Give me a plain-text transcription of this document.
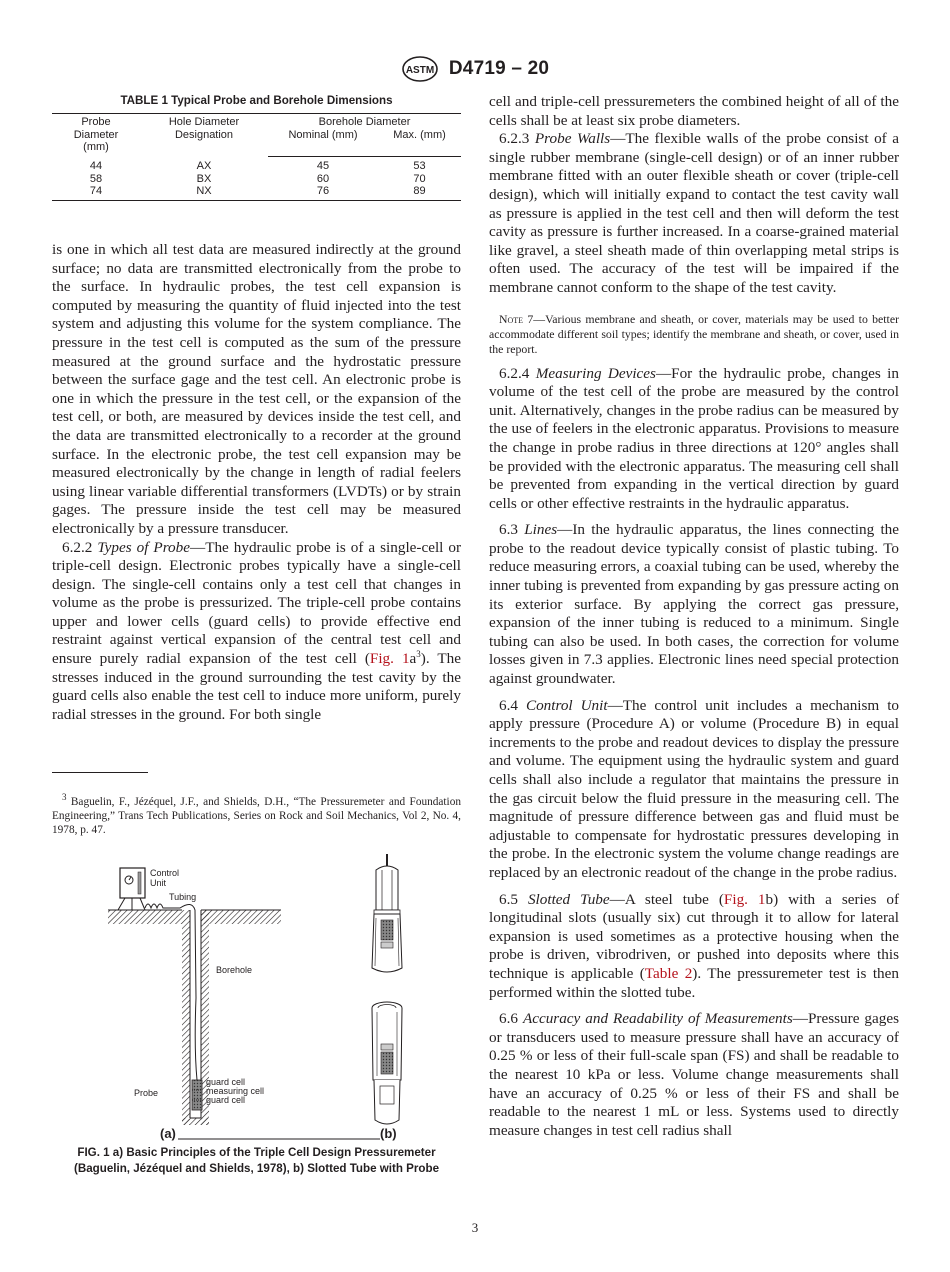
ASTM D4719 – 20
TABLE 1 Typical Probe and Borehole Dimensions
Probe
Diameter
(mm)
Hole Diameter
Designation
Borehole Diameter
Nominal (mm)	Max. (mm)
44	AX	45	53
58	BX	60	70
74	NX	76	89

is one in which all test data are measured indirectly at the ground surface; no data are transmitted electronically from the probe to the surface. In hydraulic probes, the test cell expansion is computed by measuring the quantity of fluid injected into the test system and adjusting this volume for the system compliance. The pressure in the test cell is computed as the sum of the pressure measured at the ground surface and the hydrostatic pressure between the surface gage and the test cell. An electronic probe is one in which the pressure in the test cell, or the expansion of the test cell, or both, are measured by devices inside the test cell, and the data are transmitted electronically to a recorder at the ground surface. In the electronic probe, the test cell expansion may be measured electronically by the change in length of radial feelers using linear variable differential transformers (LVDTs) or by strain gages. The pressure inside the test cell may be measured electronically by a pressure transducer.

6.2.2 Types of Probe—The hydraulic probe is of a single-cell or triple-cell design. Electronic probes typically have a single-cell design. The single-cell contains only a test cell that changes in volume as the probe is pressurized. The triple-cell probe contains upper and lower cells (guard cells) to provide effective end restraint against vertical expansion of the central test cell and ensure purely radial expansion of the test cell (Fig. $1a^3$). The stresses induced in the ground surrounding the test cavity by the guard cells also enable the test cell to induce more uniform, purely radial stresses in the ground. For both single

$^3$ Baguelin, F., Jézéquel, J.F., and Shields, D.H., “The Pressuremeter and Foundation Engineering,” Trans Tech Publications, Series on Rock and Soil Mechanics, Vol 2, No. 4, 1978, p. 47.

Control
Unit
Tubing
Borehole
Probe
guard cell
measuring cell
guard cell
(a)	(b)
FIG. 1 a) Basic Principles of the Triple Cell Design Pressuremeter (Baguelin, Jézéquel and Shields, 1978), b) Slotted Tube with Probe

cell and triple-cell pressuremeters the combined height of all of the cells shall be at least six probe diameters.

6.2.3 Probe Walls—The flexible walls of the probe consist of a single rubber membrane (single-cell design) or of an inner rubber membrane fitted with an outer flexible sheath or cover (triple-cell design), which will initially expand to contact the test cavity wall as pressure is applied in the test cell and then will deform the test cavity as pressure is further increased. In a coarse-grained material like gravel, a steel sheath made of thin overlapping metal strips is often used. The accuracy of the test will be impaired if the membrane cannot conform to the shape of the test cavity.

Note 7—Various membrane and sheath, or cover, materials may be used to better accommodate different soil types; identify the membrane and sheath, or cover, used in the report.

6.2.4 Measuring Devices—For the hydraulic probe, changes in volume of the test cell of the probe are measured by the control unit. Alternatively, changes in the probe radius can be measured by the use of feelers in the electronic apparatus. Provisions to measure the change in probe radius in three directions at 120° angles shall be provided with the electronic apparatus. The measuring cell shall be prevented from expanding in the vertical direction by guard cells or other effective restraints in the hydraulic apparatus.

6.3 Lines—In the hydraulic apparatus, the lines connecting the probe to the readout device typically consist of plastic tubing. To reduce measuring errors, a coaxial tubing can be used, whereby the inner tubing is prevented from expanding by gas pressure acting on its exterior surface. By applying the correct gas pressure, expansion of the inner tubing is reduced to a minimum. Single tubing can also be used. In both cases, the correction for volume losses given in 7.3 applies. Electronic lines need special protection against groundwater.

6.4 Control Unit—The control unit includes a mechanism to apply pressure (Procedure A) or volume (Procedure B) in equal increments to the probe and readout devices to display the pressure and volume. The equipment using the hydraulic system and guard cells shall also include a regulator that maintains the pressure in the gas circuit below the fluid pressure in the measuring cell. The magnitude of pressure difference between gas and fluid must be adjustable to compensate for hydrostatic pressures developing in the probe. In the electronic system the volume change readings are replaced by an electronic readout of the change in the probe radius.

6.5 Slotted Tube—A steel tube (Fig. 1b) with a series of longitudinal slots (usually six) cut through it to allow for lateral expansion is used sometimes as a protective housing when the probe is driven, vibrodriven, or pushed into deposits where this technique is applicable (Table 2). The pressuremeter test is then performed within the slotted tube.

6.6 Accuracy and Readability of Measurements—Pressure gages or transducers used to measure pressure shall have an accuracy of 0.25 % or less of their full-scale span (FS) and shall be readable to the nearest 10 kPa or less. Volume change measurements shall have an accuracy of 0.25 % or less of their FS and shall be readable to the nearest 1 mL or less. Systems used to directly measure changes in test cell radius shall

3
